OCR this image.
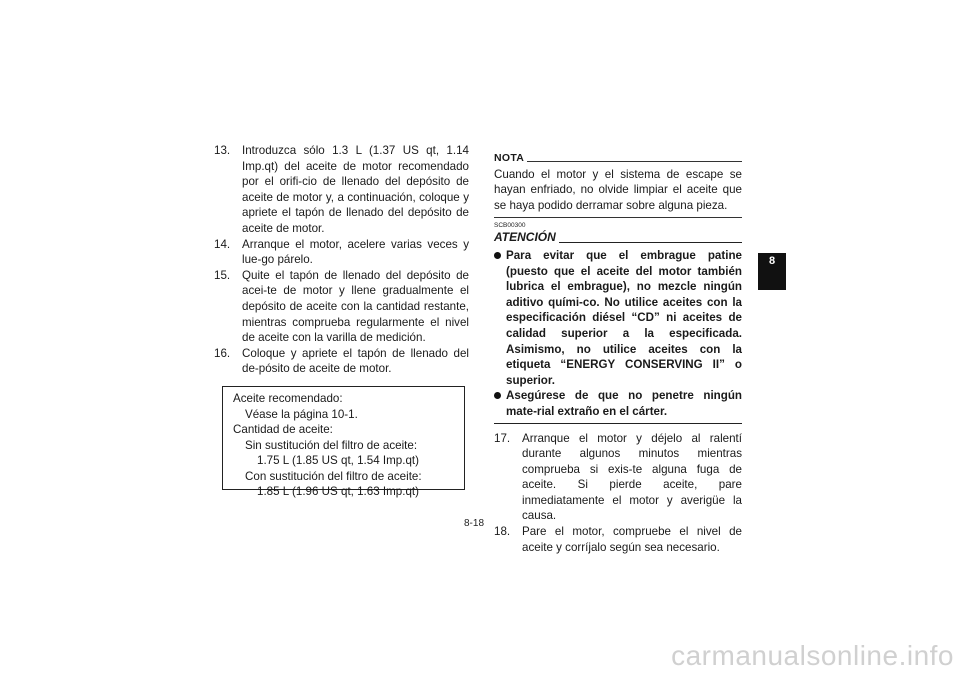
13. Introduzca sólo 1.3 L (1.37 US qt, 1.14 Imp.qt) del aceite de motor recomendado por el orifi-cio de llenado del depósito de aceite de motor y, a continuación, coloque y apriete el tapón de llenado del depósito de aceite de motor.
14. Arranque el motor, acelere varias veces y lue-go párelo.
15. Quite el tapón de llenado del depósito de acei-te de motor y llene gradualmente el depósito de aceite con la cantidad restante, mientras comprueba regularmente el nivel de aceite con la varilla de medición.
16. Coloque y apriete el tapón de llenado del de-pósito de aceite de motor.
Aceite recomendado:
Véase la página 10-1.
Cantidad de aceite:
Sin sustitución del filtro de aceite:
1.75 L (1.85 US qt, 1.54 Imp.qt)
Con sustitución del filtro de aceite:
1.85 L (1.96 US qt, 1.63 Imp.qt)
NOTA
Cuando el motor y el sistema de escape se hayan enfriado, no olvide limpiar el aceite que se haya podido derramar sobre alguna pieza.
SCB00300
ATENCIÓN
Para evitar que el embrague patine (puesto que el aceite del motor también lubrica el embrague), no mezcle ningún aditivo quími-co. No utilice aceites con la especificación diésel “CD” ni aceites de calidad superior a la especificada. Asimismo, no utilice aceites con la etiqueta “ENERGY CONSERVING II” o superior.
Asegúrese de que no penetre ningún mate-rial extraño en el cárter.
17. Arranque el motor y déjelo al ralentí durante algunos minutos mientras comprueba si exis-te alguna fuga de aceite. Si pierde aceite, pare inmediatamente el motor y averigüe la causa.
18. Pare el motor, compruebe el nivel de aceite y corríjalo según sea necesario.
8
8-18
carmanualsonline.info
